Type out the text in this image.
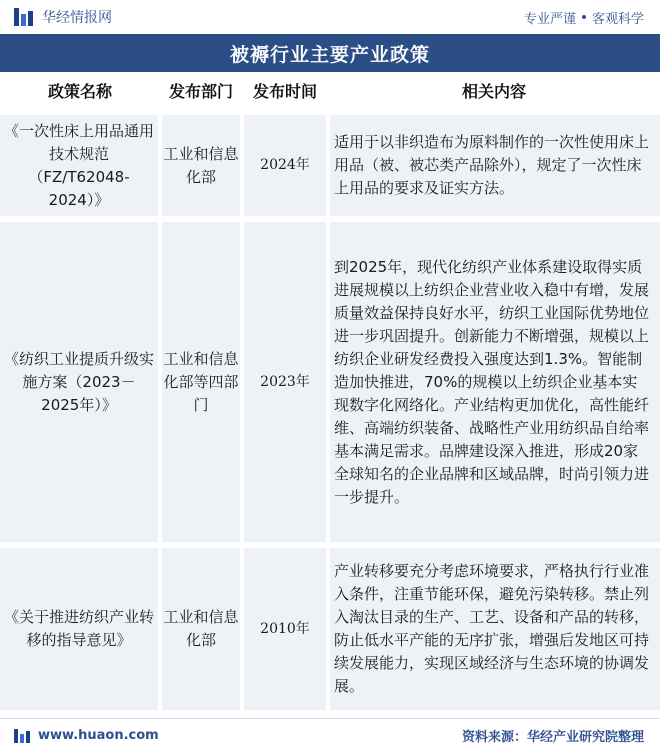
华经情报网	专业严谨 客观科学
被褥行业主要产业政策
政策名称	发布部门	发布时间	相关内容
《一次性床上用品通用技术规范（FZ/T62048-2024）》	工业和信息化部	2024年	适用于以非织造布为原料制作的一次性使用床上用品（被、被芯类产品除外），规定了一次性床上用品的要求及证实方法。
《纺织工业提质升级实施方案（2023－2025年）》	工业和信息化部等四部门	2023年	到2025年，现代化纺织产业体系建设取得实质进展规模以上纺织企业营业收入稳中有增，发展质量效益保持良好水平，纺织工业国际优势地位进一步巩固提升。创新能力不断增强，规模以上纺织企业研发经费投入强度达到1.3%。智能制造加快推进，70%的规模以上纺织企业基本实现数字化网络化。产业结构更加优化，高性能纤维、高端纺织装备、战略性产业用纺织品自给率基本满足需求。品牌建设深入推进，形成20家全球知名的企业品牌和区域品牌，时尚引领力进一步提升。
《关于推进纺织产业转移的指导意见》	工业和信息化部	2010年	产业转移要充分考虑环境要求，严格执行行业准入条件，注重节能环保，避免污染转移。禁止列入淘汰目录的生产、工艺、设备和产品的转移，防止低水平产能的无序扩张，增强后发地区可持续发展能力，实现区域经济与生态环境的协调发展。
www.huaon.com	资料来源：华经产业研究院整理
